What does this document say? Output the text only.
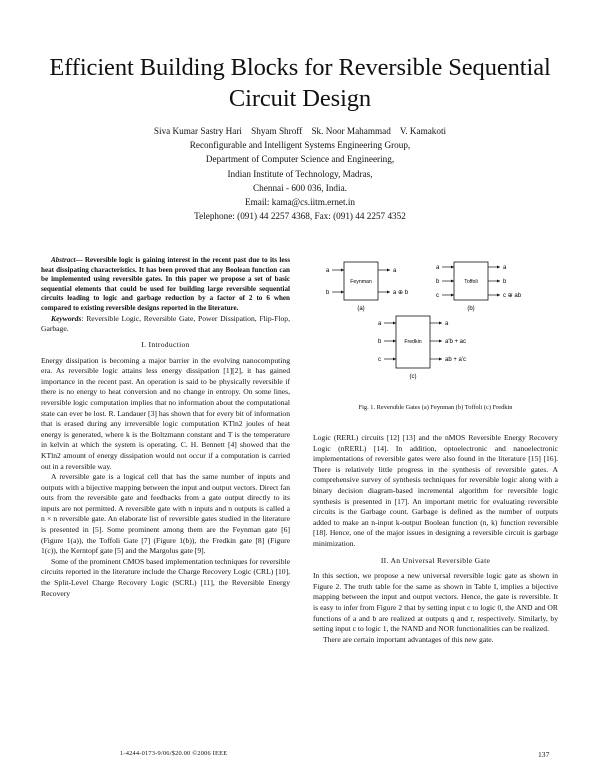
Efficient Building Blocks for Reversible Sequential
Circuit Design
Siva Kumar Sastry Hari    Shyam Shroff    Sk. Noor Mahammad    V. Kamakoti
Reconfigurable and Intelligent Systems Engineering Group,
Department of Computer Science and Engineering,
Indian Institute of Technology, Madras,
Chennai - 600 036, India.
Email: kama@cs.iitm.ernet.in
Telephone: (091) 44 2257 4368, Fax: (091) 44 2257 4352

Abstract— Reversible logic is gaining interest in the recent past due to its less heat dissipating characteristics. It has been proved that any Boolean function can be implemented using reversible gates. In this paper we propose a set of basic sequential elements that could be used for building large reversible sequential circuits leading to logic and garbage reduction by a factor of 2 to 6 when compared to existing reversible designs reported in the literature.

Keywords: Reversible Logic, Reversible Gate, Power Dissipation, Flip-Flop, Garbage.

I. Introduction

Energy dissipation is becoming a major barrier in the evolving nanocomputing era. As reversible logic attains less energy dissipation [1][2], it has gained importance in the recent past. An operation is said to be physically reversible if there is no energy to heat conversion and no change in entropy. On some lines, reversible logic computation implies that no information about the computational state can ever be lost. R. Landauer [3] has shown that for every bit of information that is erased during any irreversible logic computation KTln2 joules of heat energy is generated, where k is the Boltzmann constant and T is the temperature in kelvin at which the system is operating. C. H. Bennett [4] showed that the KTln2 amount of energy dissipation would not occur if a computation is carried out in a reversible way.

A reversible gate is a logical cell that has the same number of inputs and outputs with a bijective mapping between the input and output vectors. Direct fan outs from the reversible gate and feedbacks from a gate output directly to its inputs are not permitted. A reversible gate with n inputs and n outputs is called a n × n reversible gate. An elaborate list of reversible gates studied in the literature is presented in [5]. Some prominent among them are the Feynman gate [6] (Figure 1(a)), the Toffoli Gate [7] (Figure 1(b)), the Fredkin gate [8] (Figure 1(c)), the Kerntopf gate [5] and the Margolus gate [9].

Some of the prominent CMOS based implementation techniques for reversible circuits reported in the literature include the Charge Recovery Logic (CRL) [10], the Split-Level Charge Recovery Logic (SCRL) [11], the Reversible Energy Recovery

Feynman
a
b
a
a ⊕ b
(a)
Toffoli
a
b
c
a
b
c ⊕ ab
(b)
Fredkin
a
b
c
a
a'b + ac
ab + a'c
(c)
Fig. 1. Reversible Gates (a) Feynman (b) Toffoli (c) Fredkin

Logic (RERL) circuits [12] [13] and the nMOS Reversible Energy Recovery Logic (nRERL) [14]. In addition, optoelectronic and nanoelectronic implementations of reversible gates were also found in the literature [15] [16]. There is relatively little progress in the synthesis of reversible gates. A comprehensive survey of synthesis techniques for reversible logic along with a binary decision diagram-based incremental algorithm for reversible logic synthesis is presented in [17]. An important metric for evaluating reversible circuits is the Garbage count. Garbage is defined as the number of outputs added to make an n-input k-output Boolean function (n, k) function reversible [18]. Hence, one of the major issues in designing a reversible circuit is garbage minimization.

II. An Universal Reversible Gate

In this section, we propose a new universal reversible logic gate as shown in Figure 2. The truth table for the same as shown in Table I, implies a bijective mapping between the input and output vectors. Hence, the gate is reversible. It is easy to infer from Figure 2 that by setting input c to logic 0, the AND and OR functions of a and b are realized at outputs q and r, respectively. Similarly, by setting input c to logic 1, the NAND and NOR functionalities can be realized.

There are certain important advantages of this new gate.

1-4244-0173-9/06/$20.00 ©2006 IEEE	137
